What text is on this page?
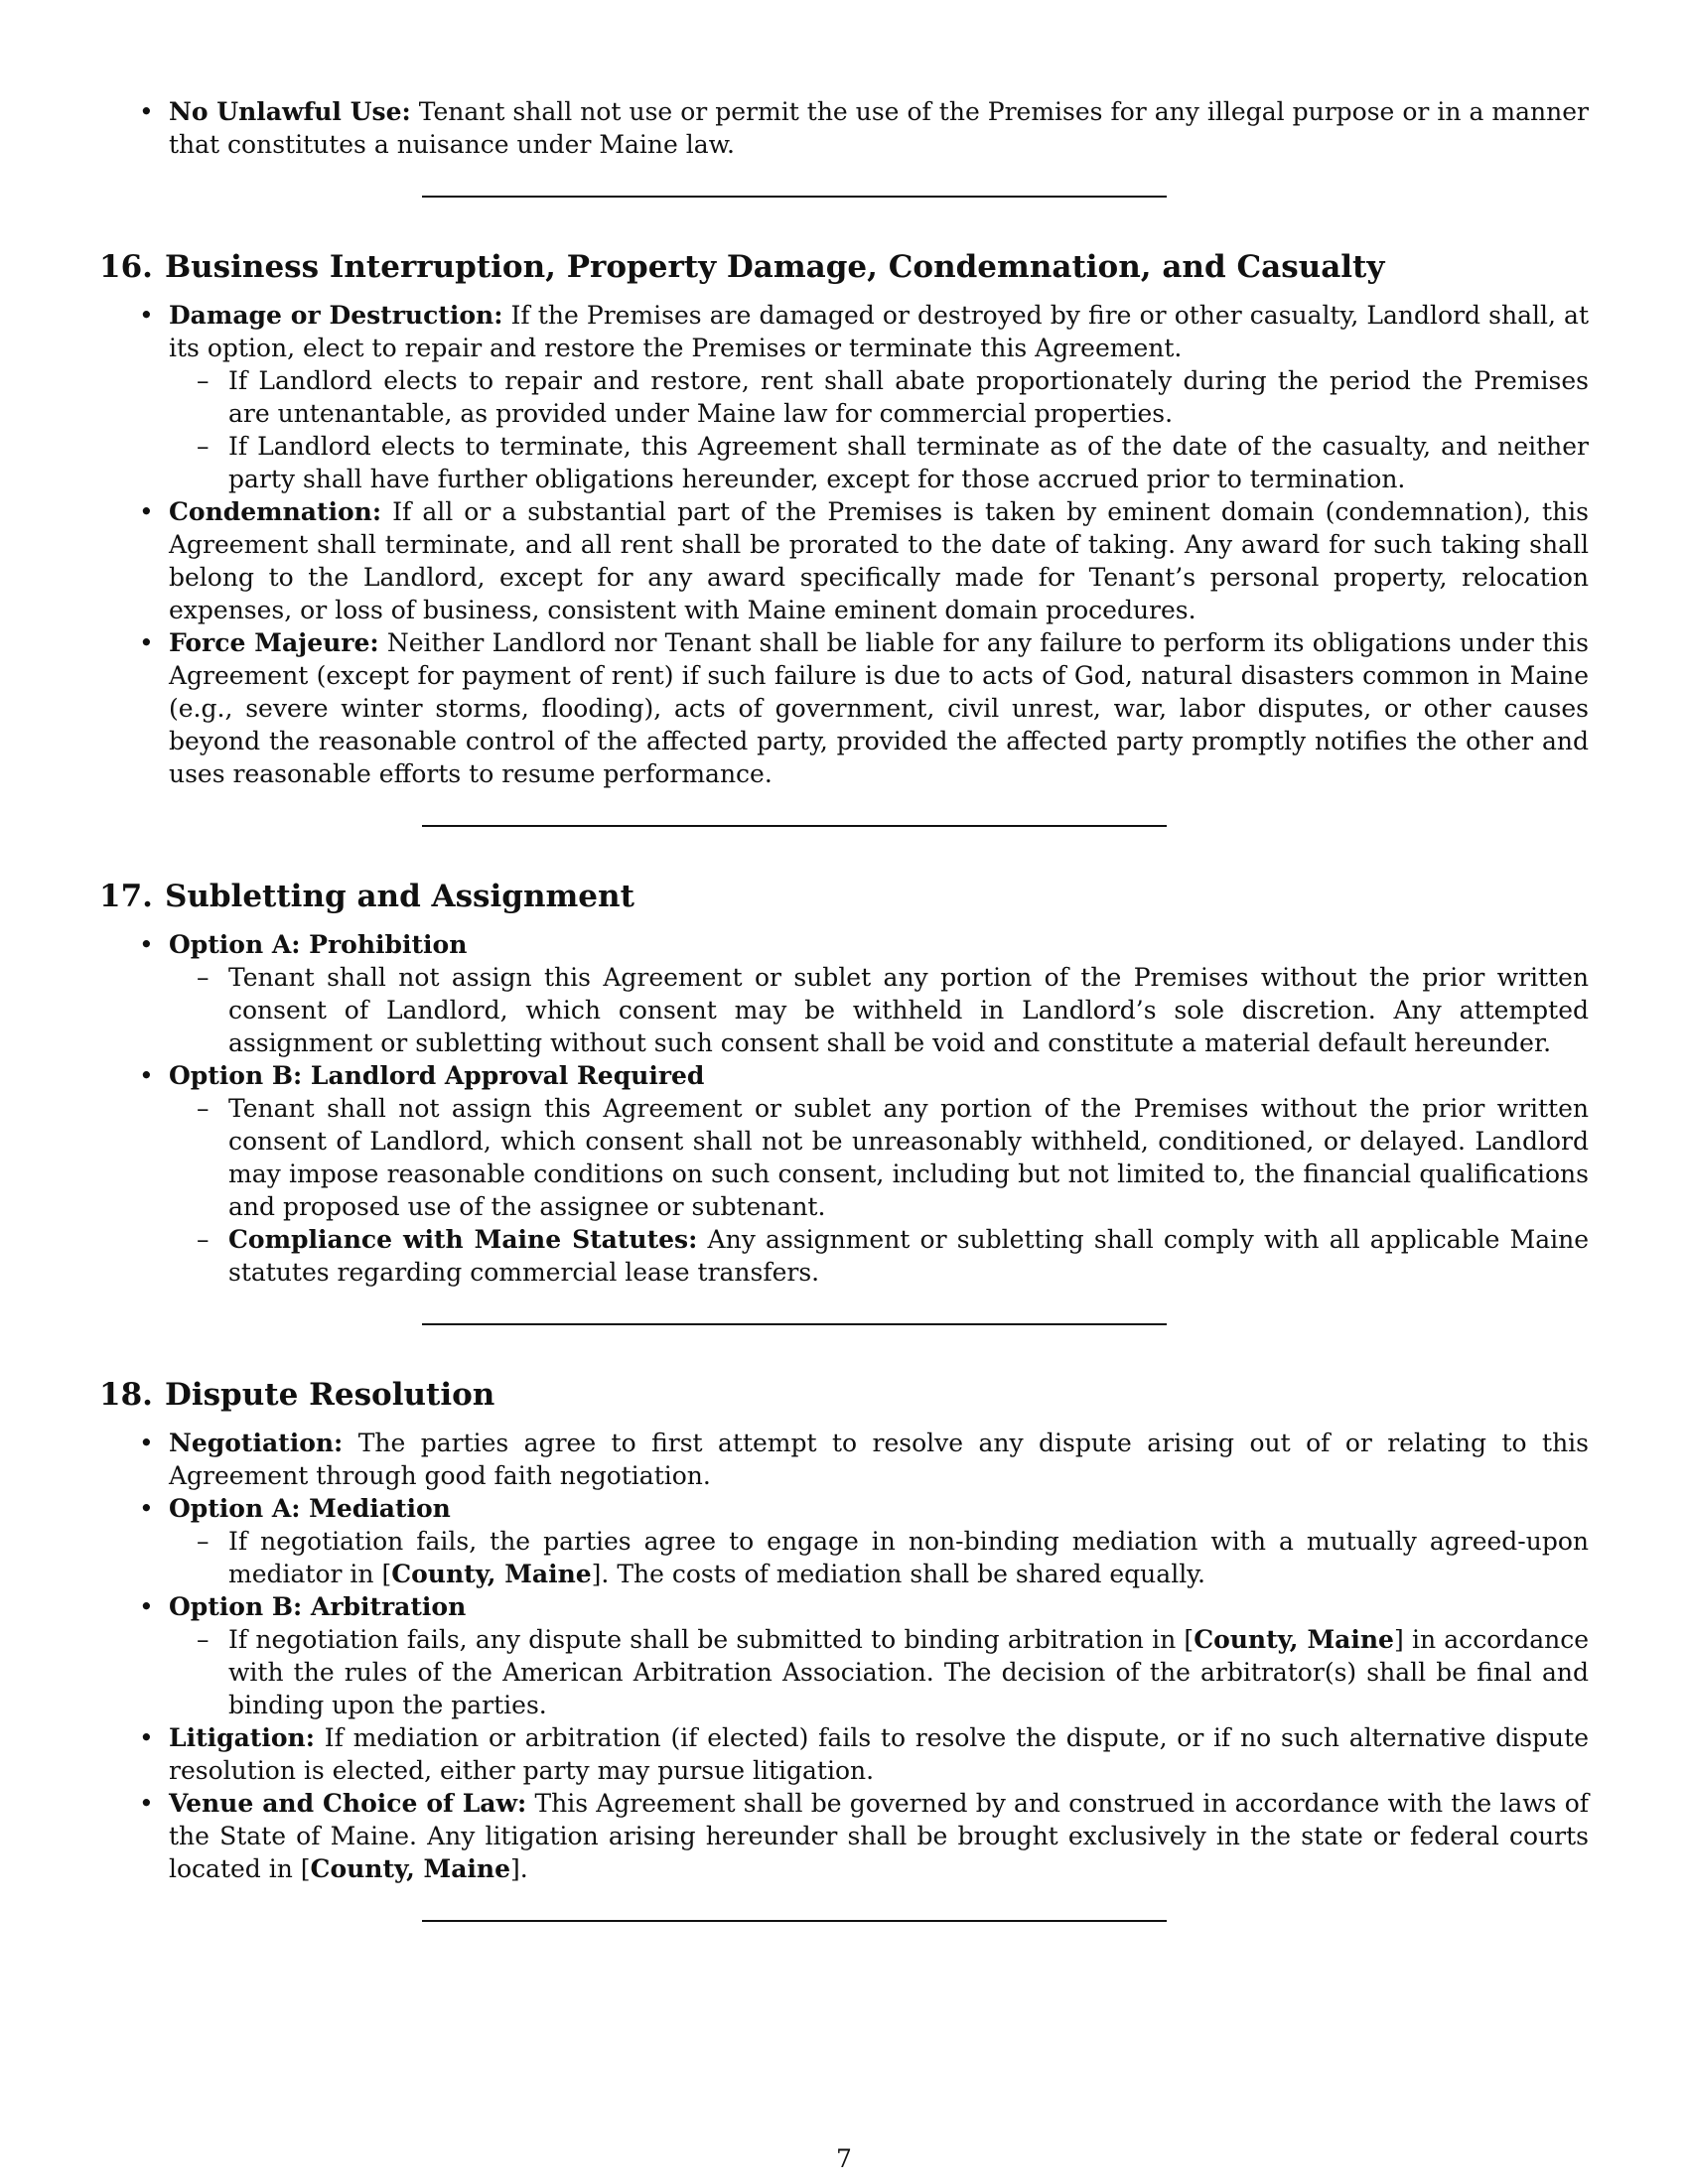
• No Unlawful Use: Tenant shall not use or permit the use of the Premises for any illegal purpose or in a manner that constitutes a nuisance under Maine law.
16. Business Interruption, Property Damage, Condemnation, and Casualty
• Damage or Destruction: If the Premises are damaged or destroyed by fire or other casualty, Landlord shall, at its option, elect to repair and restore the Premises or terminate this Agreement.
– If Landlord elects to repair and restore, rent shall abate proportionately during the period the Premises are untenantable, as provided under Maine law for commercial properties.
– If Landlord elects to terminate, this Agreement shall terminate as of the date of the casualty, and neither party shall have further obligations hereunder, except for those accrued prior to termination.
• Condemnation: If all or a substantial part of the Premises is taken by eminent domain (condemnation), this Agreement shall terminate, and all rent shall be prorated to the date of taking. Any award for such taking shall belong to the Landlord, except for any award specifically made for Tenant’s personal property, relocation expenses, or loss of business, consistent with Maine eminent domain procedures.
• Force Majeure: Neither Landlord nor Tenant shall be liable for any failure to perform its obligations under this Agreement (except for payment of rent) if such failure is due to acts of God, natural disasters common in Maine (e.g., severe winter storms, flooding), acts of government, civil unrest, war, labor disputes, or other causes beyond the reasonable control of the affected party, provided the affected party promptly notifies the other and uses reasonable efforts to resume performance.
17. Subletting and Assignment
• Option A: Prohibition
– Tenant shall not assign this Agreement or sublet any portion of the Premises without the prior written consent of Landlord, which consent may be withheld in Landlord’s sole discretion. Any attempted assignment or subletting without such consent shall be void and constitute a material default hereunder.
• Option B: Landlord Approval Required
– Tenant shall not assign this Agreement or sublet any portion of the Premises without the prior written consent of Landlord, which consent shall not be unreasonably withheld, conditioned, or delayed. Landlord may impose reasonable conditions on such consent, including but not limited to, the financial qualifications and proposed use of the assignee or subtenant.
– Compliance with Maine Statutes: Any assignment or subletting shall comply with all applicable Maine statutes regarding commercial lease transfers.
18. Dispute Resolution
• Negotiation: The parties agree to first attempt to resolve any dispute arising out of or relating to this Agreement through good faith negotiation.
• Option A: Mediation
– If negotiation fails, the parties agree to engage in non-binding mediation with a mutually agreed-upon mediator in [County, Maine]. The costs of mediation shall be shared equally.
• Option B: Arbitration
– If negotiation fails, any dispute shall be submitted to binding arbitration in [County, Maine] in accordance with the rules of the American Arbitration Association. The decision of the arbitrator(s) shall be final and binding upon the parties.
• Litigation: If mediation or arbitration (if elected) fails to resolve the dispute, or if no such alternative dispute resolution is elected, either party may pursue litigation.
• Venue and Choice of Law: This Agreement shall be governed by and construed in accordance with the laws of the State of Maine. Any litigation arising hereunder shall be brought exclusively in the state or federal courts located in [County, Maine].
7
